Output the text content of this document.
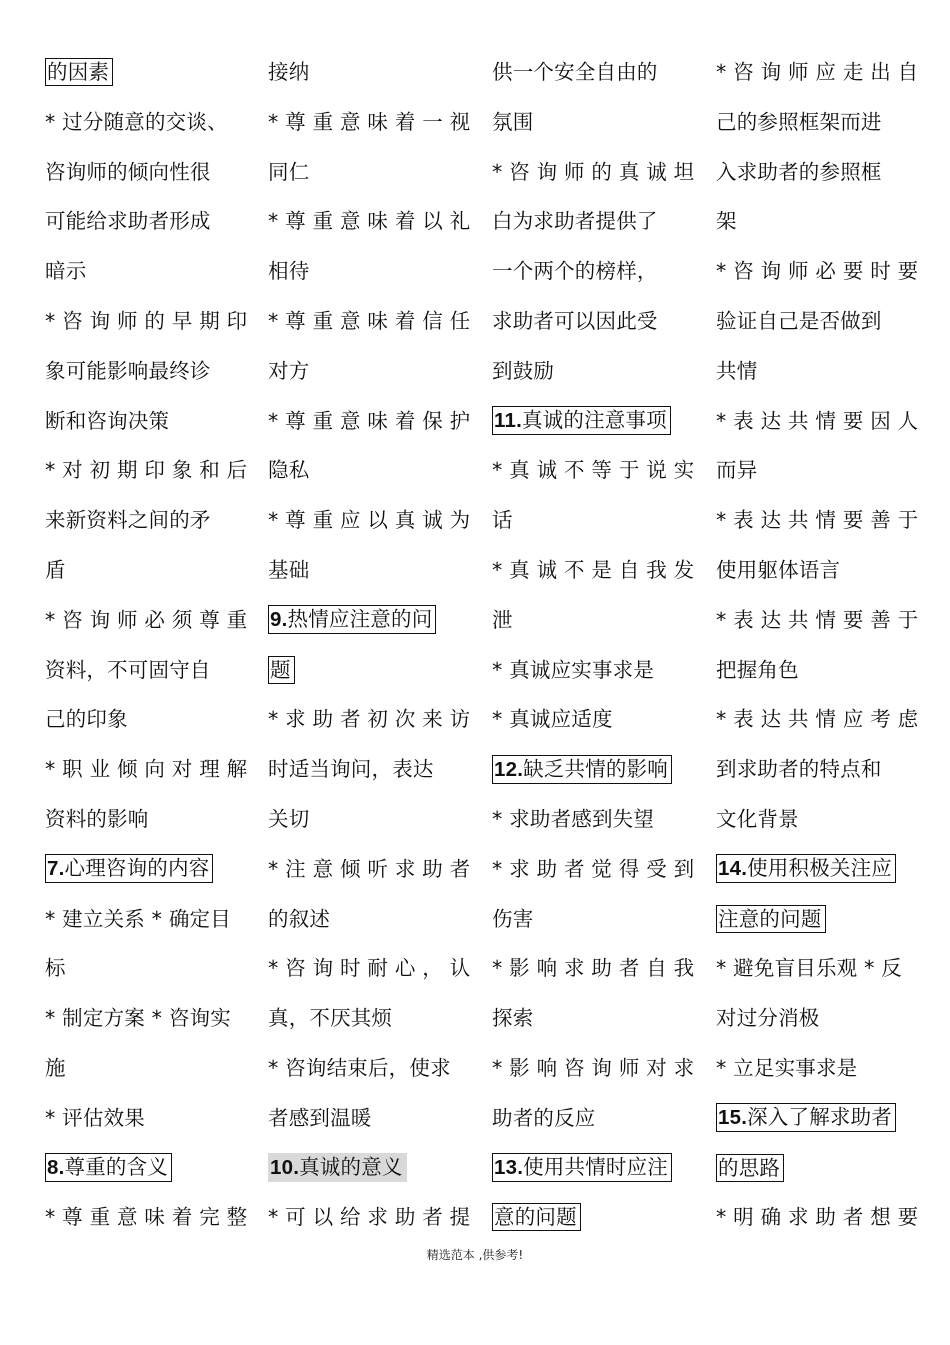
的因素
* 过分随意的交谈、
咨询师的倾向性很
可能给求助者形成
暗示
* 咨 询 师 的 早 期 印
象可能影响最终诊
断和咨询决策
* 对 初 期 印 象 和 后
来新资料之间的矛
盾
* 咨 询 师 必 须 尊 重
资料，不可固守自
己的印象
* 职 业 倾 向 对 理 解
资料的影响
7.心理咨询的内容
* 建立关系 * 确定目
标
* 制定方案 * 咨询实
施
* 评估效果
8.尊重的含义
* 尊 重 意 味 着 完 整
接纳
* 尊 重 意 味 着 一 视
同仁
* 尊 重 意 味 着 以 礼
相待
* 尊 重 意 味 着 信 任
对方
* 尊 重 意 味 着 保 护
隐私
* 尊 重 应 以 真 诚 为
基础
9.热情应注意的问
题
* 求 助 者 初 次 来 访
时适当询问，表达
关切
* 注 意 倾 听 求 助 者
的叙述
* 咨 询 时 耐 心 ， 认
真，不厌其烦
* 咨询结束后，使求
者感到温暖
10.真诚的意义
* 可 以 给 求 助 者 提
供一个安全自由的
氛围
* 咨 询 师 的 真 诚 坦
白为求助者提供了
一个两个的榜样，
求助者可以因此受
到鼓励
11.真诚的注意事项
* 真 诚 不 等 于 说 实
话
* 真 诚 不 是 自 我 发
泄
* 真诚应实事求是
* 真诚应适度
12.缺乏共情的影响
* 求助者感到失望
* 求 助 者 觉 得 受 到
伤害
* 影 响 求 助 者 自 我
探索
* 影 响 咨 询 师 对 求
助者的反应
13.使用共情时应注
意的问题
* 咨 询 师 应 走 出 自
己的参照框架而进
入求助者的参照框
架
* 咨 询 师 必 要 时 要
验证自己是否做到
共情
* 表 达 共 情 要 因 人
而异
* 表 达 共 情 要 善 于
使用躯体语言
* 表 达 共 情 要 善 于
把握角色
* 表 达 共 情 应 考 虑
到求助者的特点和
文化背景
14.使用积极关注应
注意的问题
* 避免盲目乐观 * 反
对过分消极
* 立足实事求是
15.深入了解求助者
的思路
* 明 确 求 助 者 想 要
精选范本 ,供参考!
